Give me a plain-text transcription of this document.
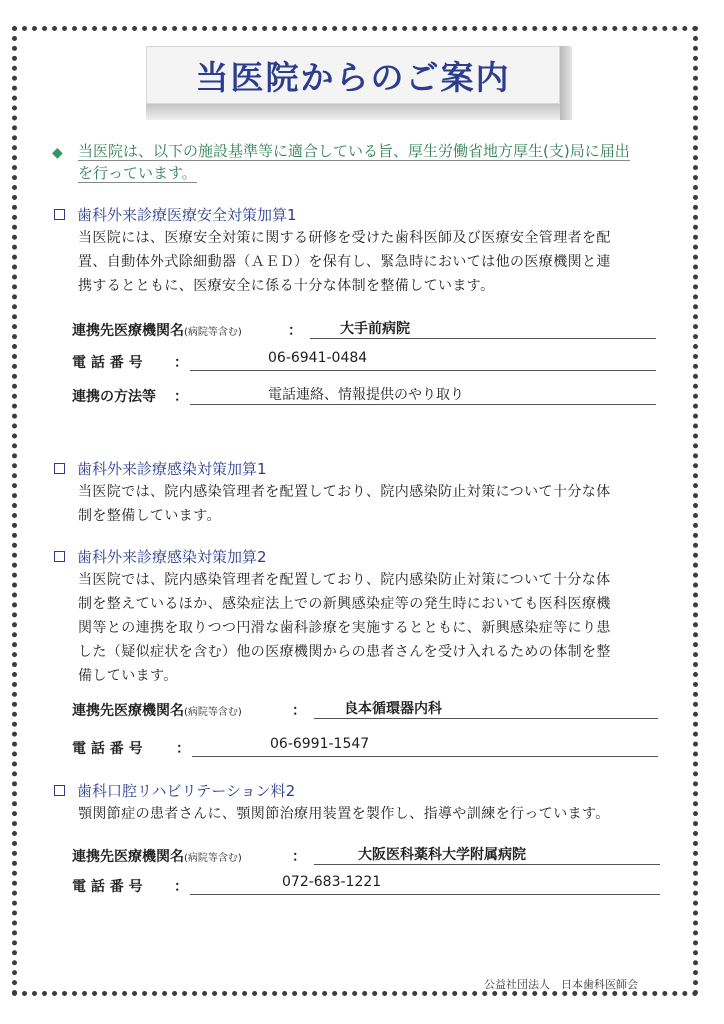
当医院からのご案内
◆ 当医院は、以下の施設基準等に適合している旨、厚生労働省地方厚生(支)局に届出
を行っています。
歯科外来診療医療安全対策加算1
当医院には、医療安全対策に関する研修を受けた歯科医師及び医療安全管理者を配
置、自動体外式除細動器（ＡＥＤ）を保有し、緊急時においては他の医療機関と連
携するとともに、医療安全に係る十分な体制を整備しています。
連携先医療機関名(病院等含む)	：	大手前病院
電 話 番 号 ：	06-6941-0484
連携の方法等 ：	電話連絡、情報提供のやり取り
歯科外来診療感染対策加算1
当医院では、院内感染管理者を配置しており、院内感染防止対策について十分な体
制を整備しています。
歯科外来診療感染対策加算2
当医院では、院内感染管理者を配置しており、院内感染防止対策について十分な体
制を整えているほか、感染症法上での新興感染症等の発生時においても医科医療機
関等との連携を取りつつ円滑な歯科診療を実施するとともに、新興感染症等にり患
した（疑似症状を含む）他の医療機関からの患者さんを受け入れるための体制を整
備しています。
連携先医療機関名(病院等含む)	：	良本循環器内科
電 話 番 号 ：	06-6991-1547
歯科口腔リハビリテーション料2
顎関節症の患者さんに、顎関節治療用装置を製作し、指導や訓練を行っています。
連携先医療機関名(病院等含む)	：	大阪医科薬科大学附属病院
電 話 番 号 ：	072-683-1221
公益社団法人　日本歯科医師会
